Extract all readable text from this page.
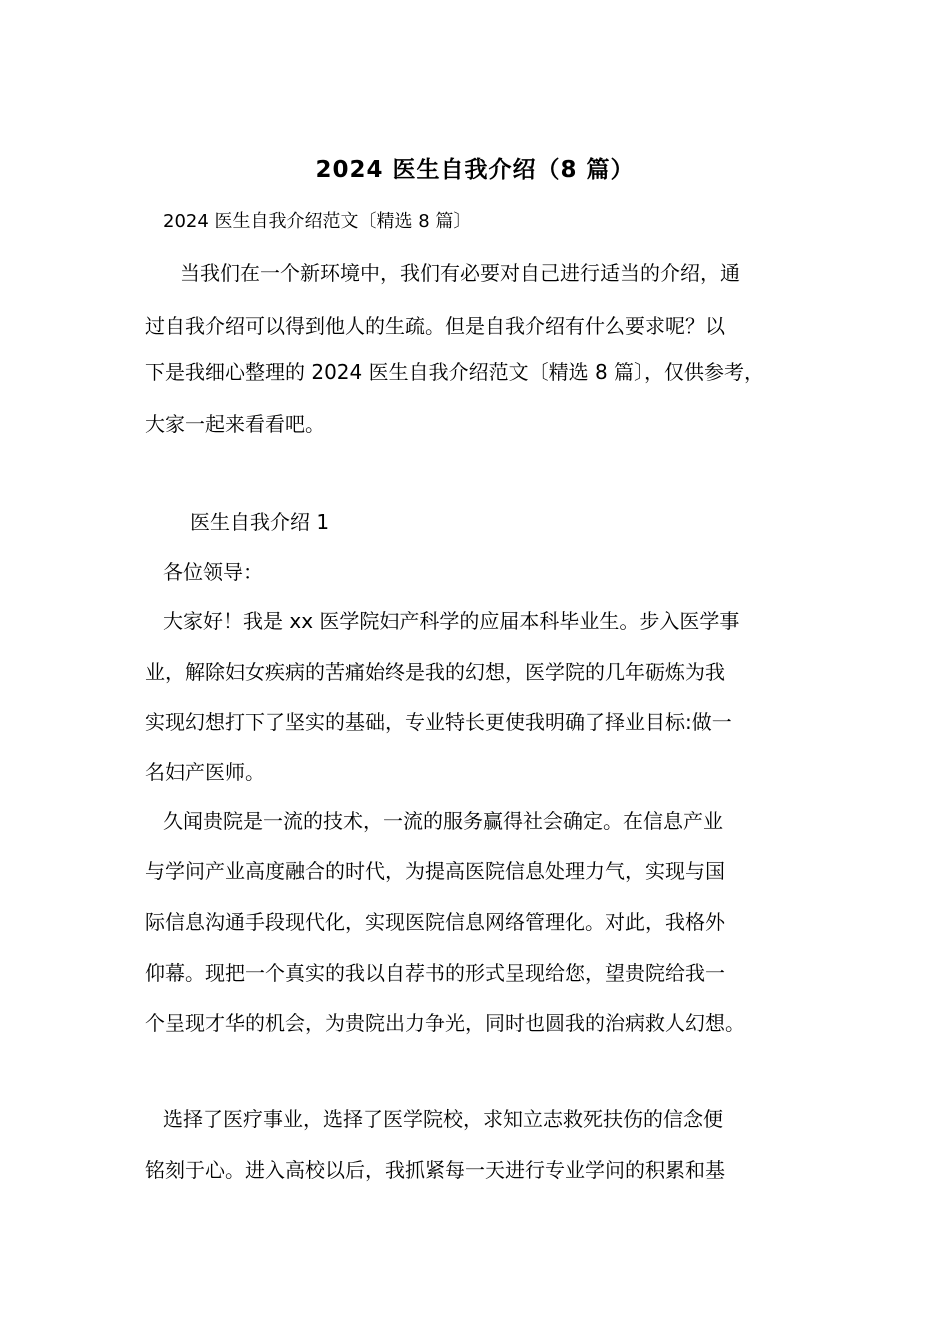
2024 医生自我介绍（8 篇）
2024 医生自我介绍范文〔精选 8 篇〕
当我们在一个新环境中，我们有必要对自己进行适当的介绍，通
过自我介绍可以得到他人的生疏。但是自我介绍有什么要求呢？以
下是我细心整理的 2024 医生自我介绍范文〔精选 8 篇〕，仅供参考，
大家一起来看看吧。
医生自我介绍 1
各位领导：
大家好！我是 xx 医学院妇产科学的应届本科毕业生。步入医学事
业，解除妇女疾病的苦痛始终是我的幻想，医学院的几年砺炼为我
实现幻想打下了坚实的基础，专业特长更使我明确了择业目标:做一
名妇产医师。
久闻贵院是一流的技术，一流的服务赢得社会确定。在信息产业
与学问产业高度融合的时代，为提高医院信息处理力气，实现与国
际信息沟通手段现代化，实现医院信息网络管理化。对此，我格外
仰幕。现把一个真实的我以自荐书的形式呈现给您，望贵院给我一
个呈现才华的机会，为贵院出力争光，同时也圆我的治病救人幻想。
选择了医疗事业，选择了医学院校，求知立志救死扶伤的信念便
铭刻于心。进入高校以后，我抓紧每一天进行专业学问的积累和基
